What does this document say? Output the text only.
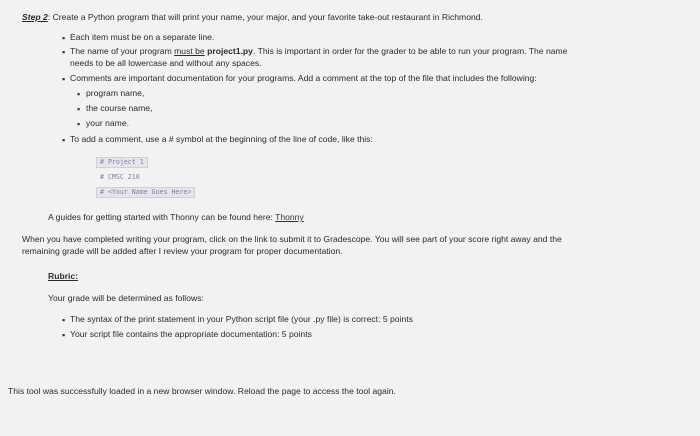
Step 2: Create a Python program that will print your name, your major, and your favorite take-out restaurant in Richmond.
▪ Each item must be on a separate line.
▪ The name of your program must be project1.py. This is important in order for the grader to be able to run your program. The name
needs to be all lowercase and without any spaces.
▪ Comments are important documentation for your programs. Add a comment at the top of the file that includes the following:
▪ program name,
▪ the course name,
▪ your name.
▪ To add a comment, use a # symbol at the beginning of the line of code, like this:
# Project 1
# CMSC 210
# <Your Name Goes Here>
A guides for getting started with Thonny can be found here: Thonny
When you have completed writing your program, click on the link to submit it to Gradescope. You will see part of your score right away and the
remaining grade will be added after I review your program for proper documentation.
Rubric:
Your grade will be determined as follows:
▪ The syntax of the print statement in your Python script file (your .py file) is correct: 5 points
▪ Your script file contains the appropriate documentation: 5 points
This tool was successfully loaded in a new browser window. Reload the page to access the tool again.
